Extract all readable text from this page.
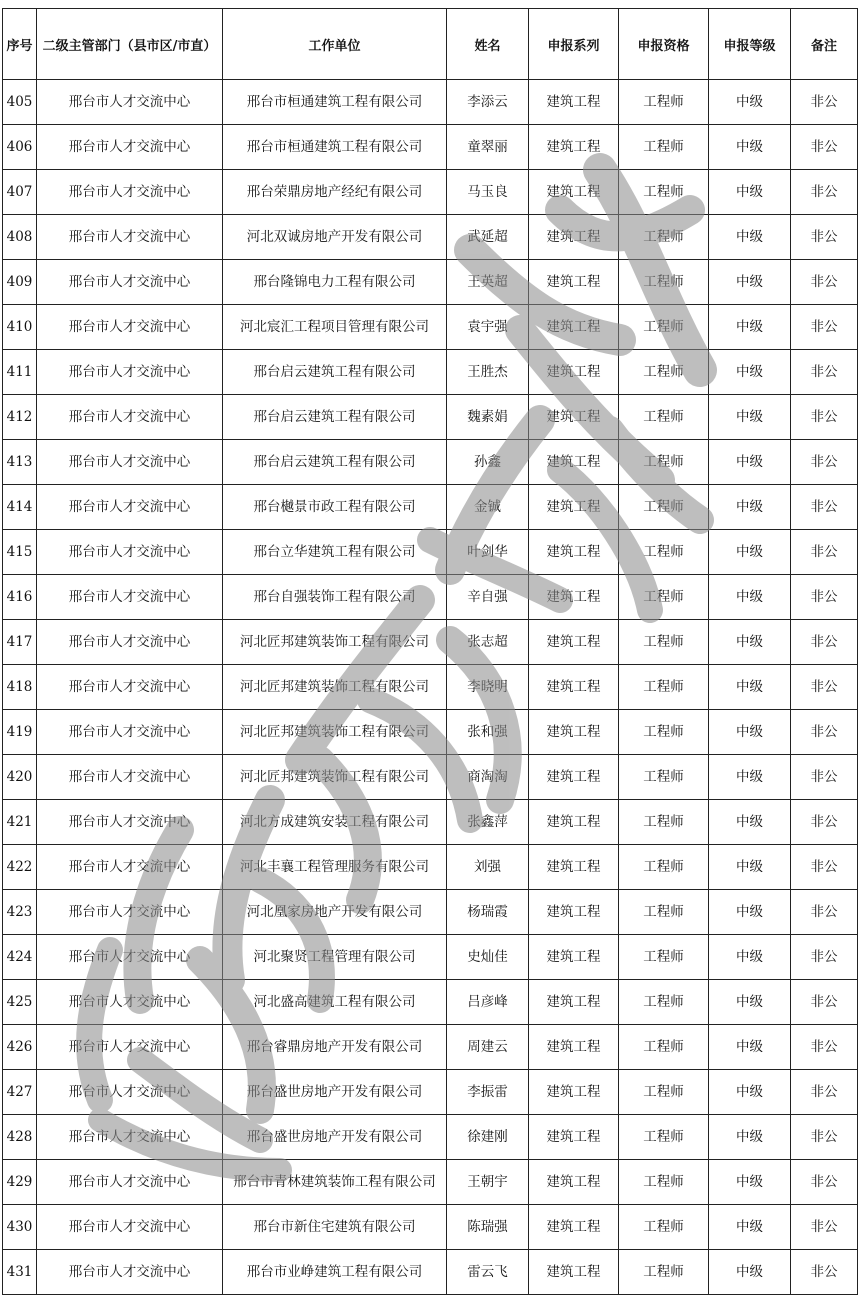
序号	二级主管部门（县市区/市直）	工作单位	姓名	申报系列	申报资格	申报等级	备注
405	邢台市人才交流中心	邢台市桓通建筑工程有限公司	李添云	建筑工程	工程师	中级	非公
406	邢台市人才交流中心	邢台市桓通建筑工程有限公司	童翠丽	建筑工程	工程师	中级	非公
407	邢台市人才交流中心	邢台荣鼎房地产经纪有限公司	马玉良	建筑工程	工程师	中级	非公
408	邢台市人才交流中心	河北双诚房地产开发有限公司	武延超	建筑工程	工程师	中级	非公
409	邢台市人才交流中心	邢台隆锦电力工程有限公司	王英超	建筑工程	工程师	中级	非公
410	邢台市人才交流中心	河北宸汇工程项目管理有限公司	袁宇强	建筑工程	工程师	中级	非公
411	邢台市人才交流中心	邢台启云建筑工程有限公司	王胜杰	建筑工程	工程师	中级	非公
412	邢台市人才交流中心	邢台启云建筑工程有限公司	魏素娟	建筑工程	工程师	中级	非公
413	邢台市人才交流中心	邢台启云建筑工程有限公司	孙鑫	建筑工程	工程师	中级	非公
414	邢台市人才交流中心	邢台樾景市政工程有限公司	金铖	建筑工程	工程师	中级	非公
415	邢台市人才交流中心	邢台立华建筑工程有限公司	叶剑华	建筑工程	工程师	中级	非公
416	邢台市人才交流中心	邢台自强装饰工程有限公司	辛自强	建筑工程	工程师	中级	非公
417	邢台市人才交流中心	河北匠邦建筑装饰工程有限公司	张志超	建筑工程	工程师	中级	非公
418	邢台市人才交流中心	河北匠邦建筑装饰工程有限公司	李晓明	建筑工程	工程师	中级	非公
419	邢台市人才交流中心	河北匠邦建筑装饰工程有限公司	张和强	建筑工程	工程师	中级	非公
420	邢台市人才交流中心	河北匠邦建筑装饰工程有限公司	商淘淘	建筑工程	工程师	中级	非公
421	邢台市人才交流中心	河北方成建筑安装工程有限公司	张鑫萍	建筑工程	工程师	中级	非公
422	邢台市人才交流中心	河北丰襄工程管理服务有限公司	刘强	建筑工程	工程师	中级	非公
423	邢台市人才交流中心	河北凰家房地产开发有限公司	杨瑞霞	建筑工程	工程师	中级	非公
424	邢台市人才交流中心	河北聚贤工程管理有限公司	史灿佳	建筑工程	工程师	中级	非公
425	邢台市人才交流中心	河北盛高建筑工程有限公司	吕彦峰	建筑工程	工程师	中级	非公
426	邢台市人才交流中心	邢台睿鼎房地产开发有限公司	周建云	建筑工程	工程师	中级	非公
427	邢台市人才交流中心	邢台盛世房地产开发有限公司	李振雷	建筑工程	工程师	中级	非公
428	邢台市人才交流中心	邢台盛世房地产开发有限公司	徐建刚	建筑工程	工程师	中级	非公
429	邢台市人才交流中心	邢台市青林建筑装饰工程有限公司	王朝宇	建筑工程	工程师	中级	非公
430	邢台市人才交流中心	邢台市新住宅建筑有限公司	陈瑞强	建筑工程	工程师	中级	非公
431	邢台市人才交流中心	邢台市业峥建筑工程有限公司	雷云飞	建筑工程	工程师	中级	非公
